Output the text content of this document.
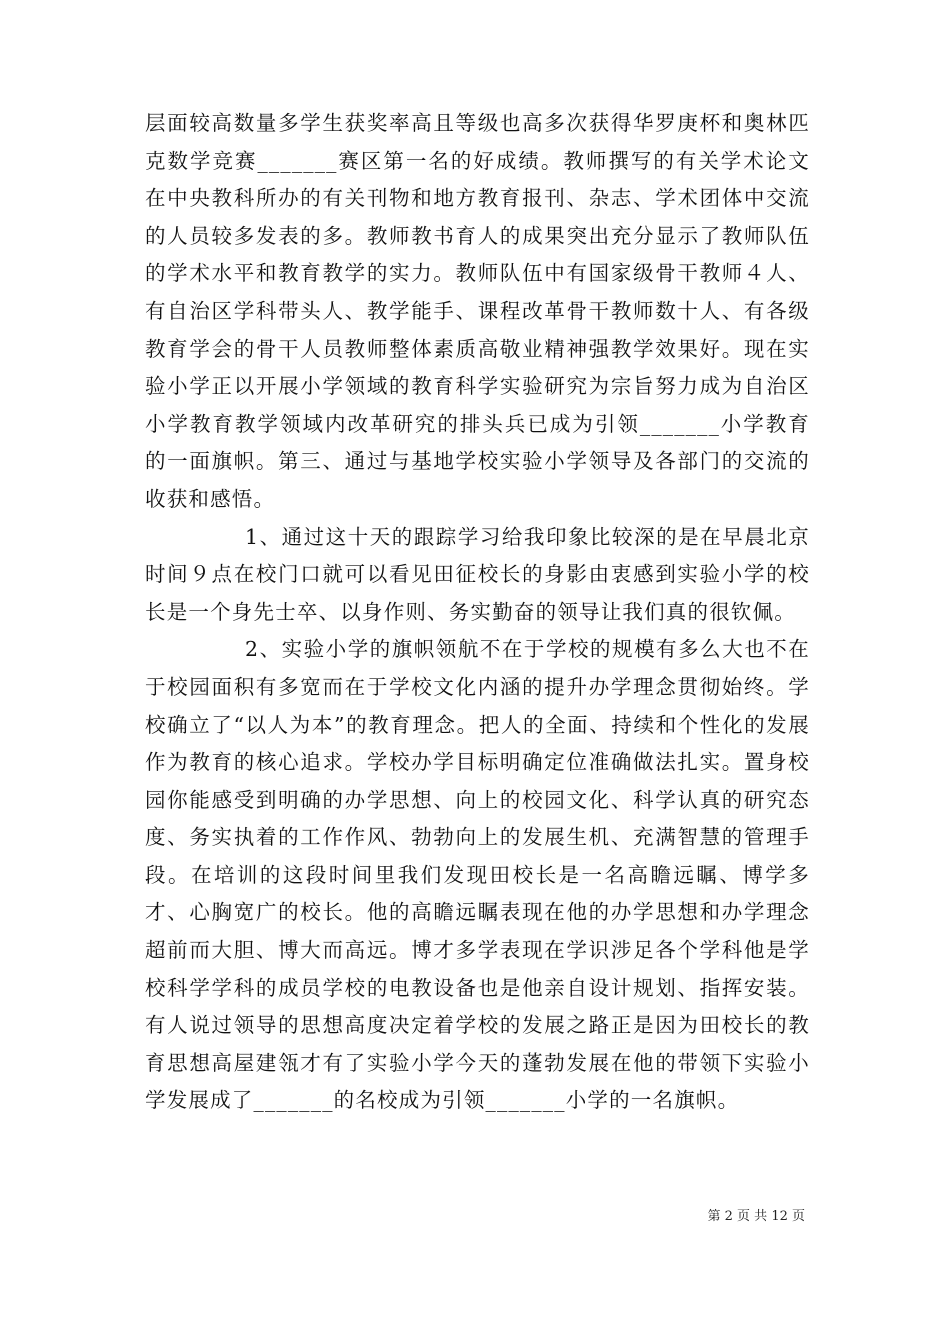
层面较高数量多学生获奖率高且等级也高多次获得华罗庚杯和奥林匹克数学竞赛_______赛区第一名的好成绩。教师撰写的有关学术论文在中央教科所办的有关刊物和地方教育报刊、杂志、学术团体中交流的人员较多发表的多。教师教书育人的成果突出充分显示了教师队伍的学术水平和教育教学的实力。教师队伍中有国家级骨干教师４人、有自治区学科带头人、教学能手、课程改革骨干教师数十人、有各级教育学会的骨干人员教师整体素质高敬业精神强教学效果好。现在实验小学正以开展小学领域的教育科学实验研究为宗旨努力成为自治区小学教育教学领域内改革研究的排头兵已成为引领_______小学教育的一面旗帜。第三、通过与基地学校实验小学领导及各部门的交流的收获和感悟。

1、通过这十天的跟踪学习给我印象比较深的是在早晨北京时间９点在校门口就可以看见田征校长的身影由衷感到实验小学的校长是一个身先士卒、以身作则、务实勤奋的领导让我们真的很钦佩。

2、实验小学的旗帜领航不在于学校的规模有多么大也不在于校园面积有多宽而在于学校文化内涵的提升办学理念贯彻始终。学校确立了“以人为本”的教育理念。把人的全面、持续和个性化的发展作为教育的核心追求。学校办学目标明确定位准确做法扎实。置身校园你能感受到明确的办学思想、向上的校园文化、科学认真的研究态度、务实执着的工作作风、勃勃向上的发展生机、充满智慧的管理手段。在培训的这段时间里我们发现田校长是一名高瞻远瞩、博学多才、心胸宽广的校长。他的高瞻远瞩表现在他的办学思想和办学理念超前而大胆、博大而高远。博才多学表现在学识涉足各个学科他是学校科学学科的成员学校的电教设备也是他亲自设计规划、指挥安装。有人说过领导的思想高度决定着学校的发展之路正是因为田校长的教育思想高屋建瓴才有了实验小学今天的蓬勃发展在他的带领下实验小学发展成了_______的名校成为引领_______小学的一名旗帜。

第 2 页 共 12 页
